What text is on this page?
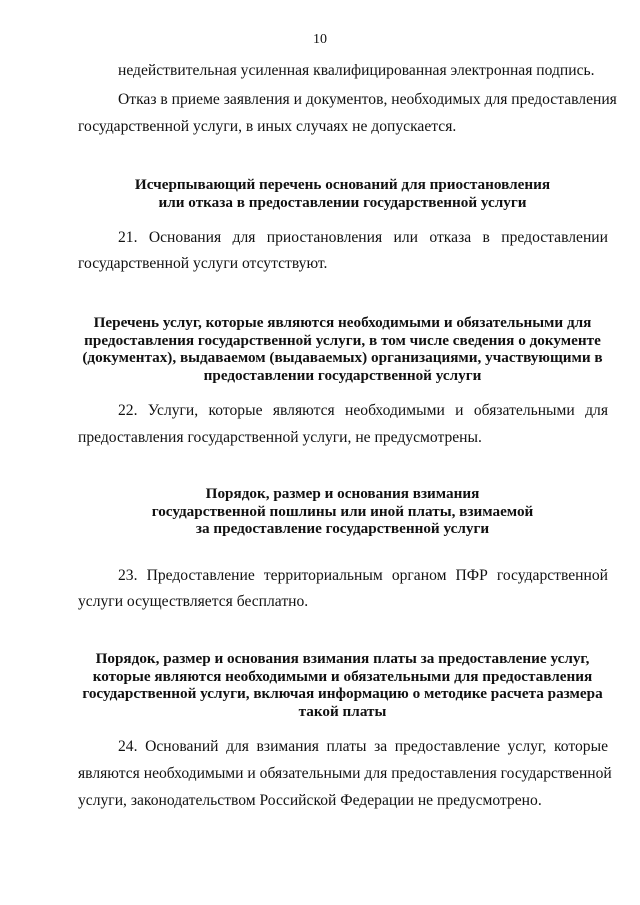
10
недействительная усиленная квалифицированная электронная подпись.
Отказ в приеме заявления и документов, необходимых для предоставления
государственной услуги, в иных случаях не допускается.
Исчерпывающий перечень оснований для приостановления
или отказа в предоставлении государственной услуги
21. Основания для приостановления или отказа в предоставлении
государственной услуги отсутствуют.
Перечень услуг, которые являются необходимыми и обязательными для
предоставления государственной услуги, в том числе сведения о документе
(документах), выдаваемом (выдаваемых) организациями, участвующими в
предоставлении государственной услуги
22. Услуги, которые являются необходимыми и обязательными для
предоставления государственной услуги, не предусмотрены.
Порядок, размер и основания взимания
государственной пошлины или иной платы, взимаемой
за предоставление государственной услуги
23. Предоставление территориальным органом ПФР государственной
услуги осуществляется бесплатно.
Порядок, размер и основания взимания платы за предоставление услуг,
которые являются необходимыми и обязательными для предоставления
государственной услуги, включая информацию о методике расчета размера
такой платы
24. Оснований для взимания платы за предоставление услуг, которые
являются необходимыми и обязательными для предоставления государственной
услуги, законодательством Российской Федерации не предусмотрено.
